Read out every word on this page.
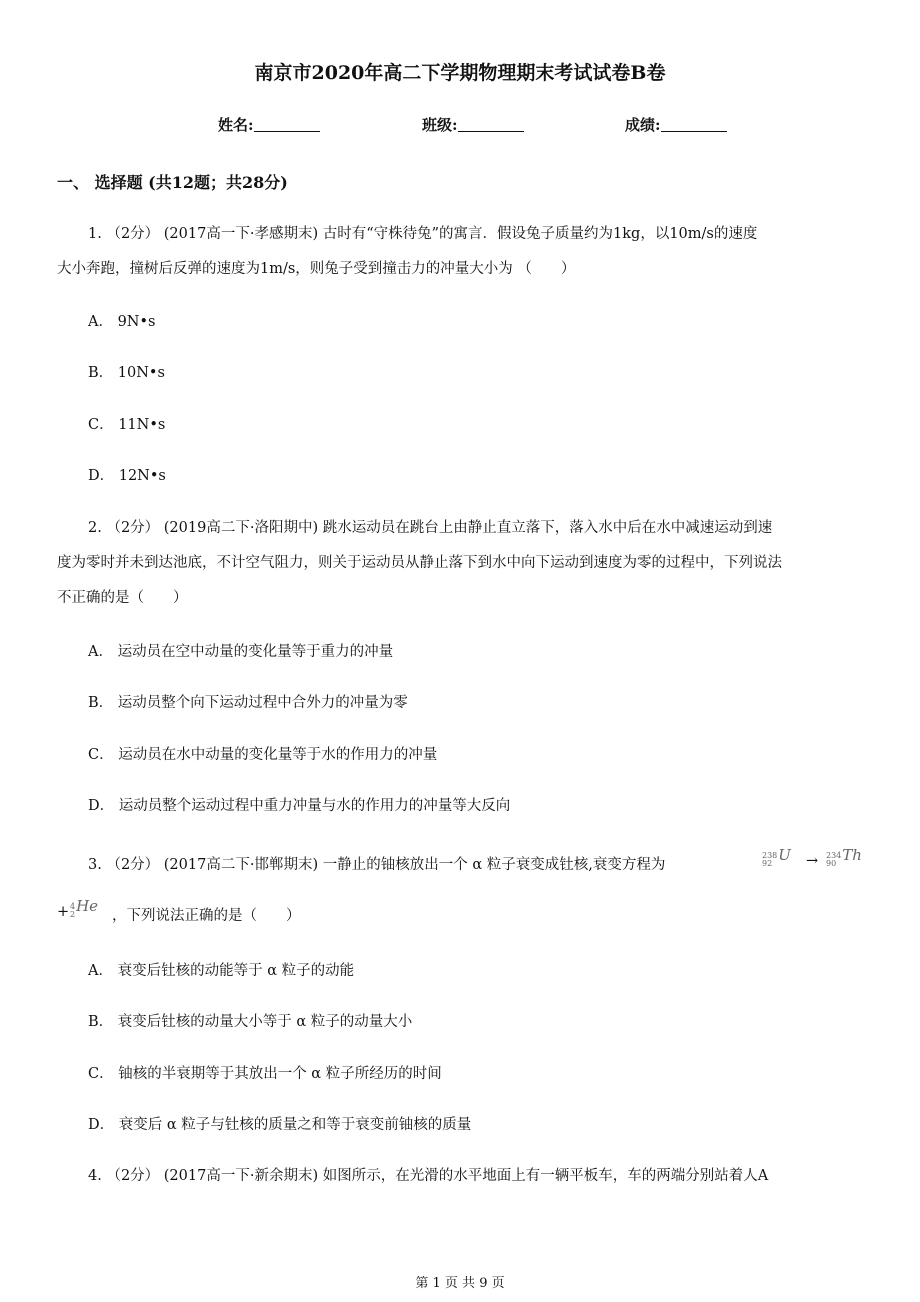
南京市2020年高二下学期物理期末考试试卷B卷
姓名:	班级:	成绩:
一、 选择题 (共12题；共28分)
1. （2分） (2017高一下·孝感期末) 古时有“守株待兔”的寓言．假设兔子质量约为1kg，以10m/s的速度
大小奔跑，撞树后反弹的速度为1m/s，则兔子受到撞击力的冲量大小为 （　　）
A． 9N•s
B． 10N•s
C． 11N•s
D． 12N•s
2. （2分） (2019高二下·洛阳期中) 跳水运动员在跳台上由静止直立落下，落入水中后在水中减速运动到速
度为零时并未到达池底，不计空气阻力，则关于运动员从静止落下到水中向下运动到速度为零的过程中，下列说法
不正确的是（　　）
A． 运动员在空中动量的变化量等于重力的冲量
B． 运动员整个向下运动过程中合外力的冲量为零
C． 运动员在水中动量的变化量等于水的作用力的冲量
D． 运动员整个运动过程中重力冲量与水的作用力的冲量等大反向
3. （2分） (2017高二下·邯郸期末) 一静止的铀核放出一个 α 粒子衰变成钍核,衰变方程为
238
92 U → 234
90 Th
+ 4
2 He
，下列说法正确的是（　　）
A． 衰变后钍核的动能等于 α 粒子的动能
B． 衰变后钍核的动量大小等于 α 粒子的动量大小
C． 铀核的半衰期等于其放出一个 α 粒子所经历的时间
D． 衰变后 α 粒子与钍核的质量之和等于衰变前铀核的质量
4. （2分） (2017高一下·新余期末) 如图所示，在光滑的水平地面上有一辆平板车，车的两端分别站着人A
第 1 页 共 9 页
